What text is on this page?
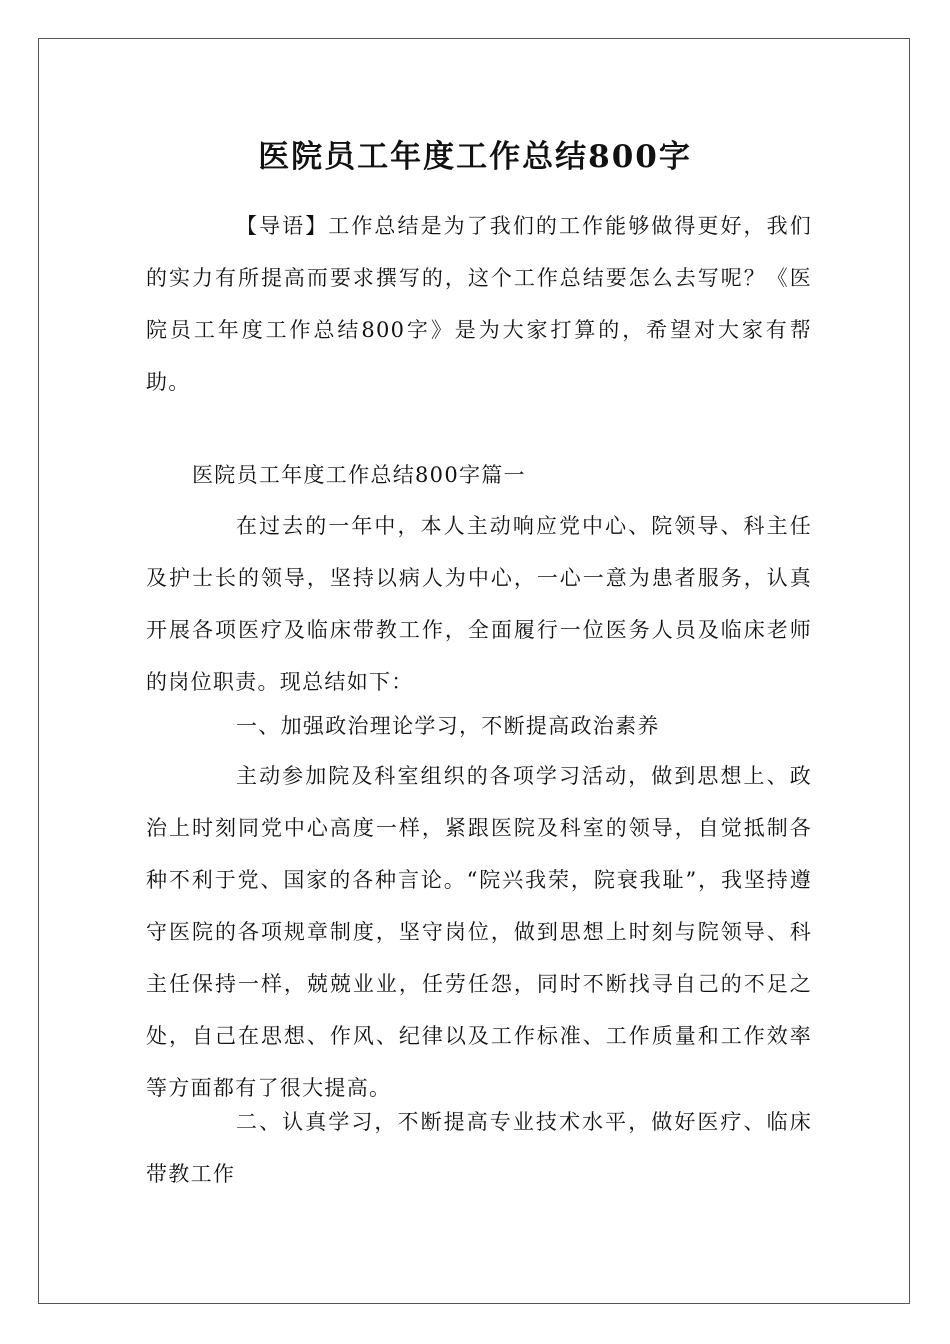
医院员工年度工作总结800字

【导语】工作总结是为了我们的工作能够做得更好，我们的实力有所提高而要求撰写的，这个工作总结要怎么去写呢？《医院员工年度工作总结800字》是为大家打算的，希望对大家有帮助。

医院员工年度工作总结800字篇一

在过去的一年中，本人主动响应党中心、院领导、科主任及护士长的领导，坚持以病人为中心，一心一意为患者服务，认真开展各项医疗及临床带教工作，全面履行一位医务人员及临床老师的岗位职责。现总结如下：

一、加强政治理论学习，不断提高政治素养

主动参加院及科室组织的各项学习活动，做到思想上、政治上时刻同党中心高度一样，紧跟医院及科室的领导，自觉抵制各种不利于党、国家的各种言论。“院兴我荣，院衰我耻”，我坚持遵守医院的各项规章制度，坚守岗位，做到思想上时刻与院领导、科主任保持一样，兢兢业业，任劳任怨，同时不断找寻自己的不足之处，自己在思想、作风、纪律以及工作标准、工作质量和工作效率等方面都有了很大提高。

二、认真学习，不断提高专业技术水平，做好医疗、临床带教工作
